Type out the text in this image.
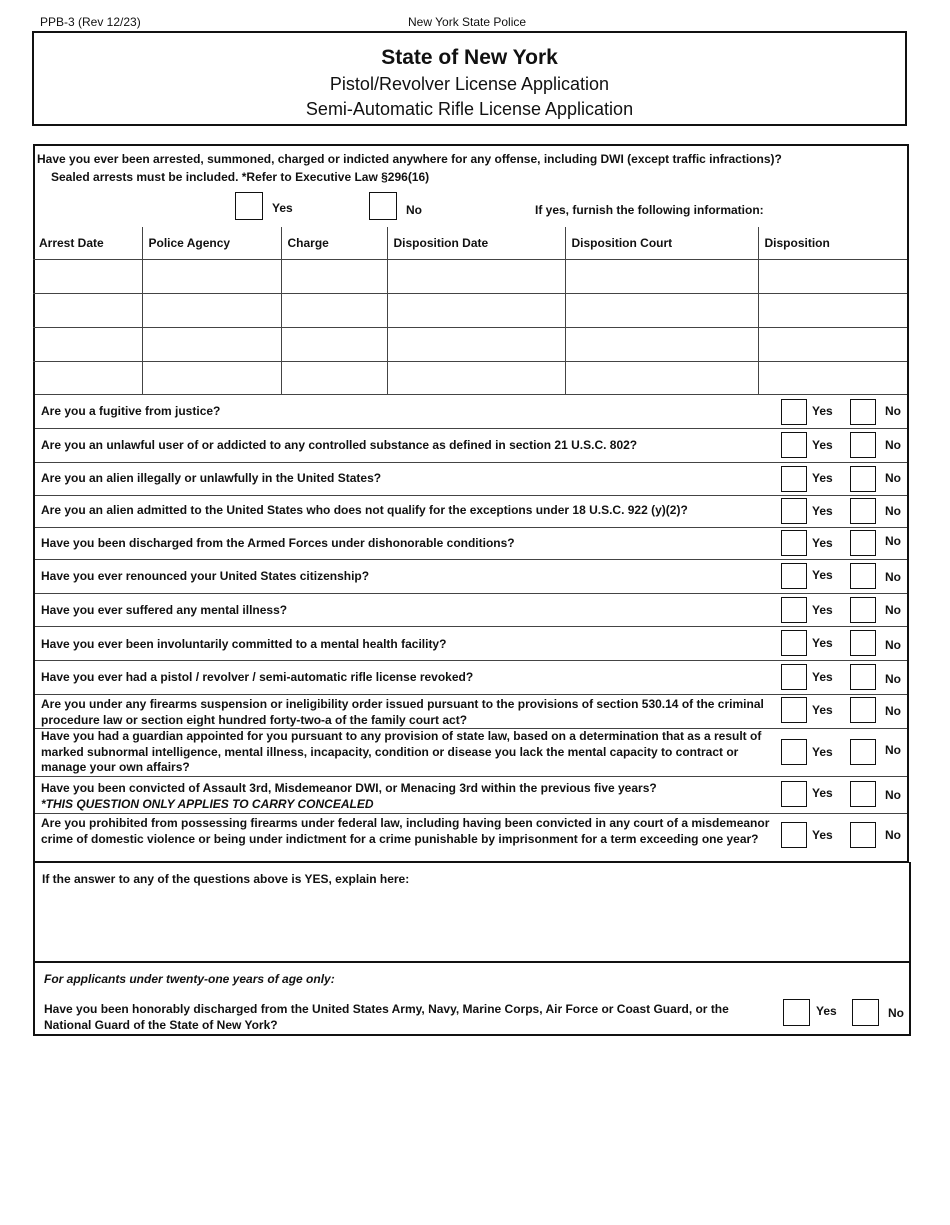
PPB-3 (Rev 12/23)	New York State Police
State of New York
Pistol/Revolver License Application
Semi-Automatic Rifle License Application
Have you ever been arrested, summoned, charged or indicted anywhere for any offense, including DWI (except traffic infractions)?
Sealed arrests must be included. *Refer to Executive Law §296(16)
Yes	No	If yes, furnish the following information:
Arrest Date	Police Agency	Charge	Disposition Date	Disposition Court	Disposition

Are you a fugitive from justice?	Yes	No
Are you an unlawful user of or addicted to any controlled substance as defined in section 21 U.S.C. 802?	Yes	No
Are you an alien illegally or unlawfully in the United States?	Yes	No
Are you an alien admitted to the United States who does not qualify for the exceptions under 18 U.S.C. 922 (y)(2)?	Yes	No
Have you been discharged from the Armed Forces under dishonorable conditions?	Yes	No
Have you ever renounced your United States citizenship?	Yes	No
Have you ever suffered any mental illness?	Yes	No
Have you ever been involuntarily committed to a mental health facility?	Yes	No
Have you ever had a pistol / revolver / semi-automatic rifle license revoked?	Yes	No
Are you under any firearms suspension or ineligibility order issued pursuant to the provisions of section 530.14 of the criminal procedure law or section eight hundred forty-two-a of the family court act?
Yes	No
Have you had a guardian appointed for you pursuant to any provision of state law, based on a determination that as a result of marked subnormal intelligence, mental illness, incapacity, condition or disease you lack the mental capacity to contract or manage your own affairs?
Yes	No
Have you been convicted of Assault 3rd, Misdemeanor DWI, or Menacing 3rd within the previous five years?
*THIS QUESTION ONLY APPLIES TO CARRY CONCEALED
Yes	No
Are you prohibited from possessing firearms under federal law, including having been convicted in any court of a misdemeanor crime of domestic violence or being under indictment for a crime punishable by imprisonment for a term exceeding one year?	Yes	No
If the answer to any of the questions above is YES, explain here:
For applicants under twenty-one years of age only:
Have you been honorably discharged from the United States Army, Navy, Marine Corps, Air Force or Coast Guard, or the National Guard of the State of New York?
Yes	No
